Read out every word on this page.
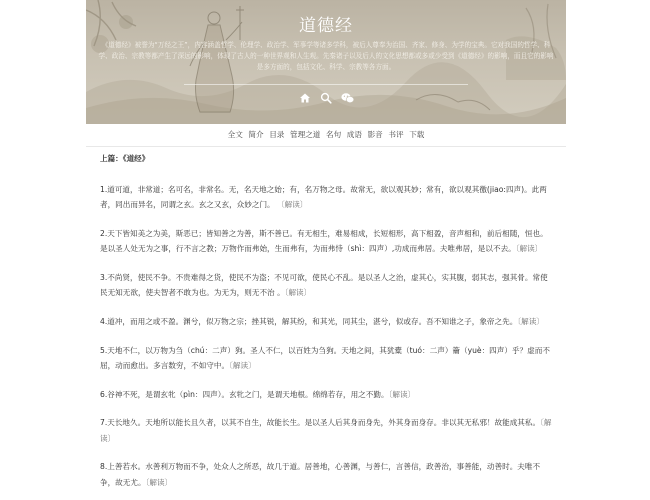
道德经
《道德经》被誉为“万经之王”，内容涵盖哲学、伦理学、政治学、军事学等诸多学科，被后人尊奉为治国、齐家、修身、为学的宝典。它对我国的哲学、科学、政治、宗教等都产生了深远的影响，体现了古人的一种世界观和人生观。先秦诸子以及后人的文化思想都或多或少受到《道德经》的影响，而且它的影响是多方面的，包括文化、科学、宗教等各方面。
全文 简介 目录 管理之道 名句 成语 影音 书评 下载
上篇：《道经》
1.道可道，非常道；名可名，非常名。无，名天地之始；有，名万物之母。故常无，欲以观其妙；常有，欲以观其徼(jiao:四声)。此两者，同出而异名，同谓之玄。玄之又玄，众妙之门。 〔解读〕
2.天下皆知美之为美，斯恶已；皆知善之为善，斯不善已。有无相生，难易相成，长短相形，高下相盈，音声相和，前后相随，恒也。是以圣人处无为之事，行不言之教；万物作而弗始，生而弗有，为而弗恃（shì：四声）,功成而弗居。夫唯弗居，是以不去。〔解读〕
3.不尚贤，使民不争。不贵难得之货，使民不为盗；不见可欲，使民心不乱。是以圣人之治，虚其心，实其腹，弱其志，强其骨。常使民无知无欲，使夫智者不敢为也。为无为，则无不治 。〔解读〕
4.道冲，而用之或不盈。渊兮，似万物之宗；挫其锐，解其纷，和其光，同其尘，湛兮，似或存。吾不知谁之子，象帝之先。〔解读〕
5.天地不仁，以万物为刍（chú：二声）狗。圣人不仁，以百姓为刍狗。天地之间，其犹橐（tuó：二声）籥（yuè：四声）乎？虚而不屈，动而愈出。多言数穷，不如守中。〔解读〕
6.谷神不死，是谓玄牝（pìn：四声）。玄牝之门，是谓天地根。绵绵若存，用之不勤。〔解读〕
7.天长地久。天地所以能长且久者，以其不自生，故能长生。是以圣人后其身而身先，外其身而身存。非以其无私邪！故能成其私。〔解读〕
8.上善若水。水善利万物而不争，处众人之所恶，故几于道。居善地，心善渊，与善仁，言善信，政善治，事善能，动善时。夫唯不争，故无尤。〔解读〕
